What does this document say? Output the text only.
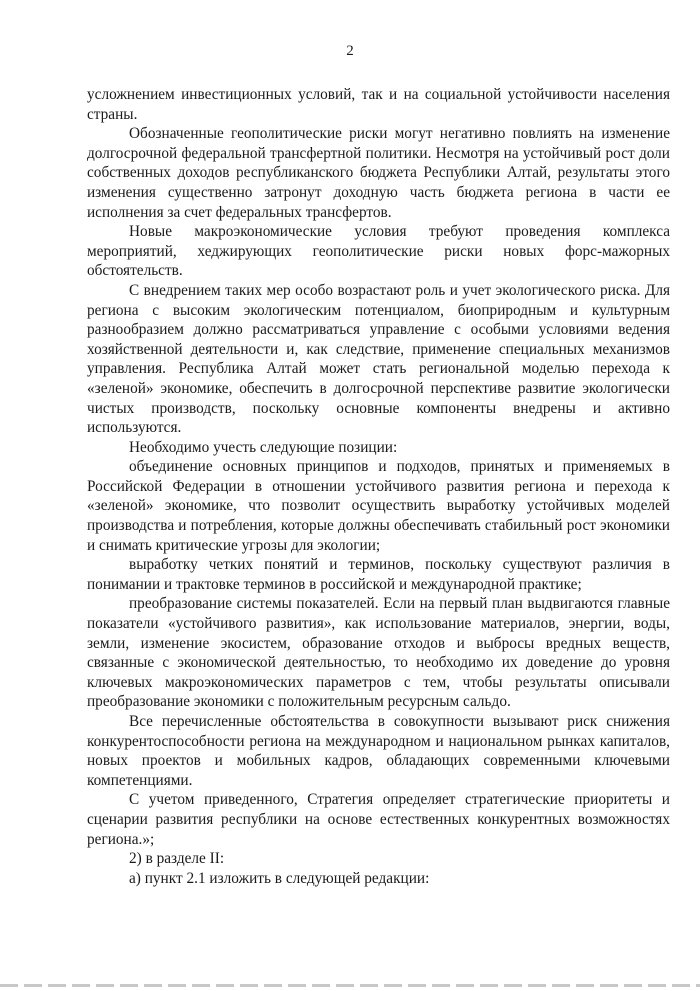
2

усложнением инвестиционных условий, так и на социальной устойчивости населения страны.

Обозначенные геополитические риски могут негативно повлиять на изменение долгосрочной федеральной трансфертной политики. Несмотря на устойчивый рост доли собственных доходов республиканского бюджета Республики Алтай, результаты этого изменения существенно затронут доходную часть бюджета региона в части ее исполнения за счет федеральных трансфертов.

Новые макроэкономические условия требуют проведения комплекса мероприятий, хеджирующих геополитические риски новых форс-мажорных обстоятельств.

С внедрением таких мер особо возрастают роль и учет экологического риска. Для региона с высоким экологическим потенциалом, биоприродным и культурным разнообразием должно рассматриваться управление с особыми условиями ведения хозяйственной деятельности и, как следствие, применение специальных механизмов управления. Республика Алтай может стать региональной моделью перехода к «зеленой» экономике, обеспечить в долгосрочной перспективе развитие экологически чистых производств, поскольку основные компоненты внедрены и активно используются.

Необходимо учесть следующие позиции:

объединение основных принципов и подходов, принятых и применяемых в Российской Федерации в отношении устойчивого развития региона и перехода к «зеленой» экономике, что позволит осуществить выработку устойчивых моделей производства и потребления, которые должны обеспечивать стабильный рост экономики и снимать критические угрозы для экологии;

выработку четких понятий и терминов, поскольку существуют различия в понимании и трактовке терминов в российской и международной практике;

преобразование системы показателей. Если на первый план выдвигаются главные показатели «устойчивого развития», как использование материалов, энергии, воды, земли, изменение экосистем, образование отходов и выбросы вредных веществ, связанные с экономической деятельностью, то необходимо их доведение до уровня ключевых макроэкономических параметров с тем, чтобы результаты описывали преобразование экономики с положительным ресурсным сальдо.

Все перечисленные обстоятельства в совокупности вызывают риск снижения конкурентоспособности региона на международном и национальном рынках капиталов, новых проектов и мобильных кадров, обладающих современными ключевыми компетенциями.

С учетом приведенного, Стратегия определяет стратегические приоритеты и сценарии развития республики на основе естественных конкурентных возможностях региона.»;

2) в разделе II:

а) пункт 2.1 изложить в следующей редакции:
